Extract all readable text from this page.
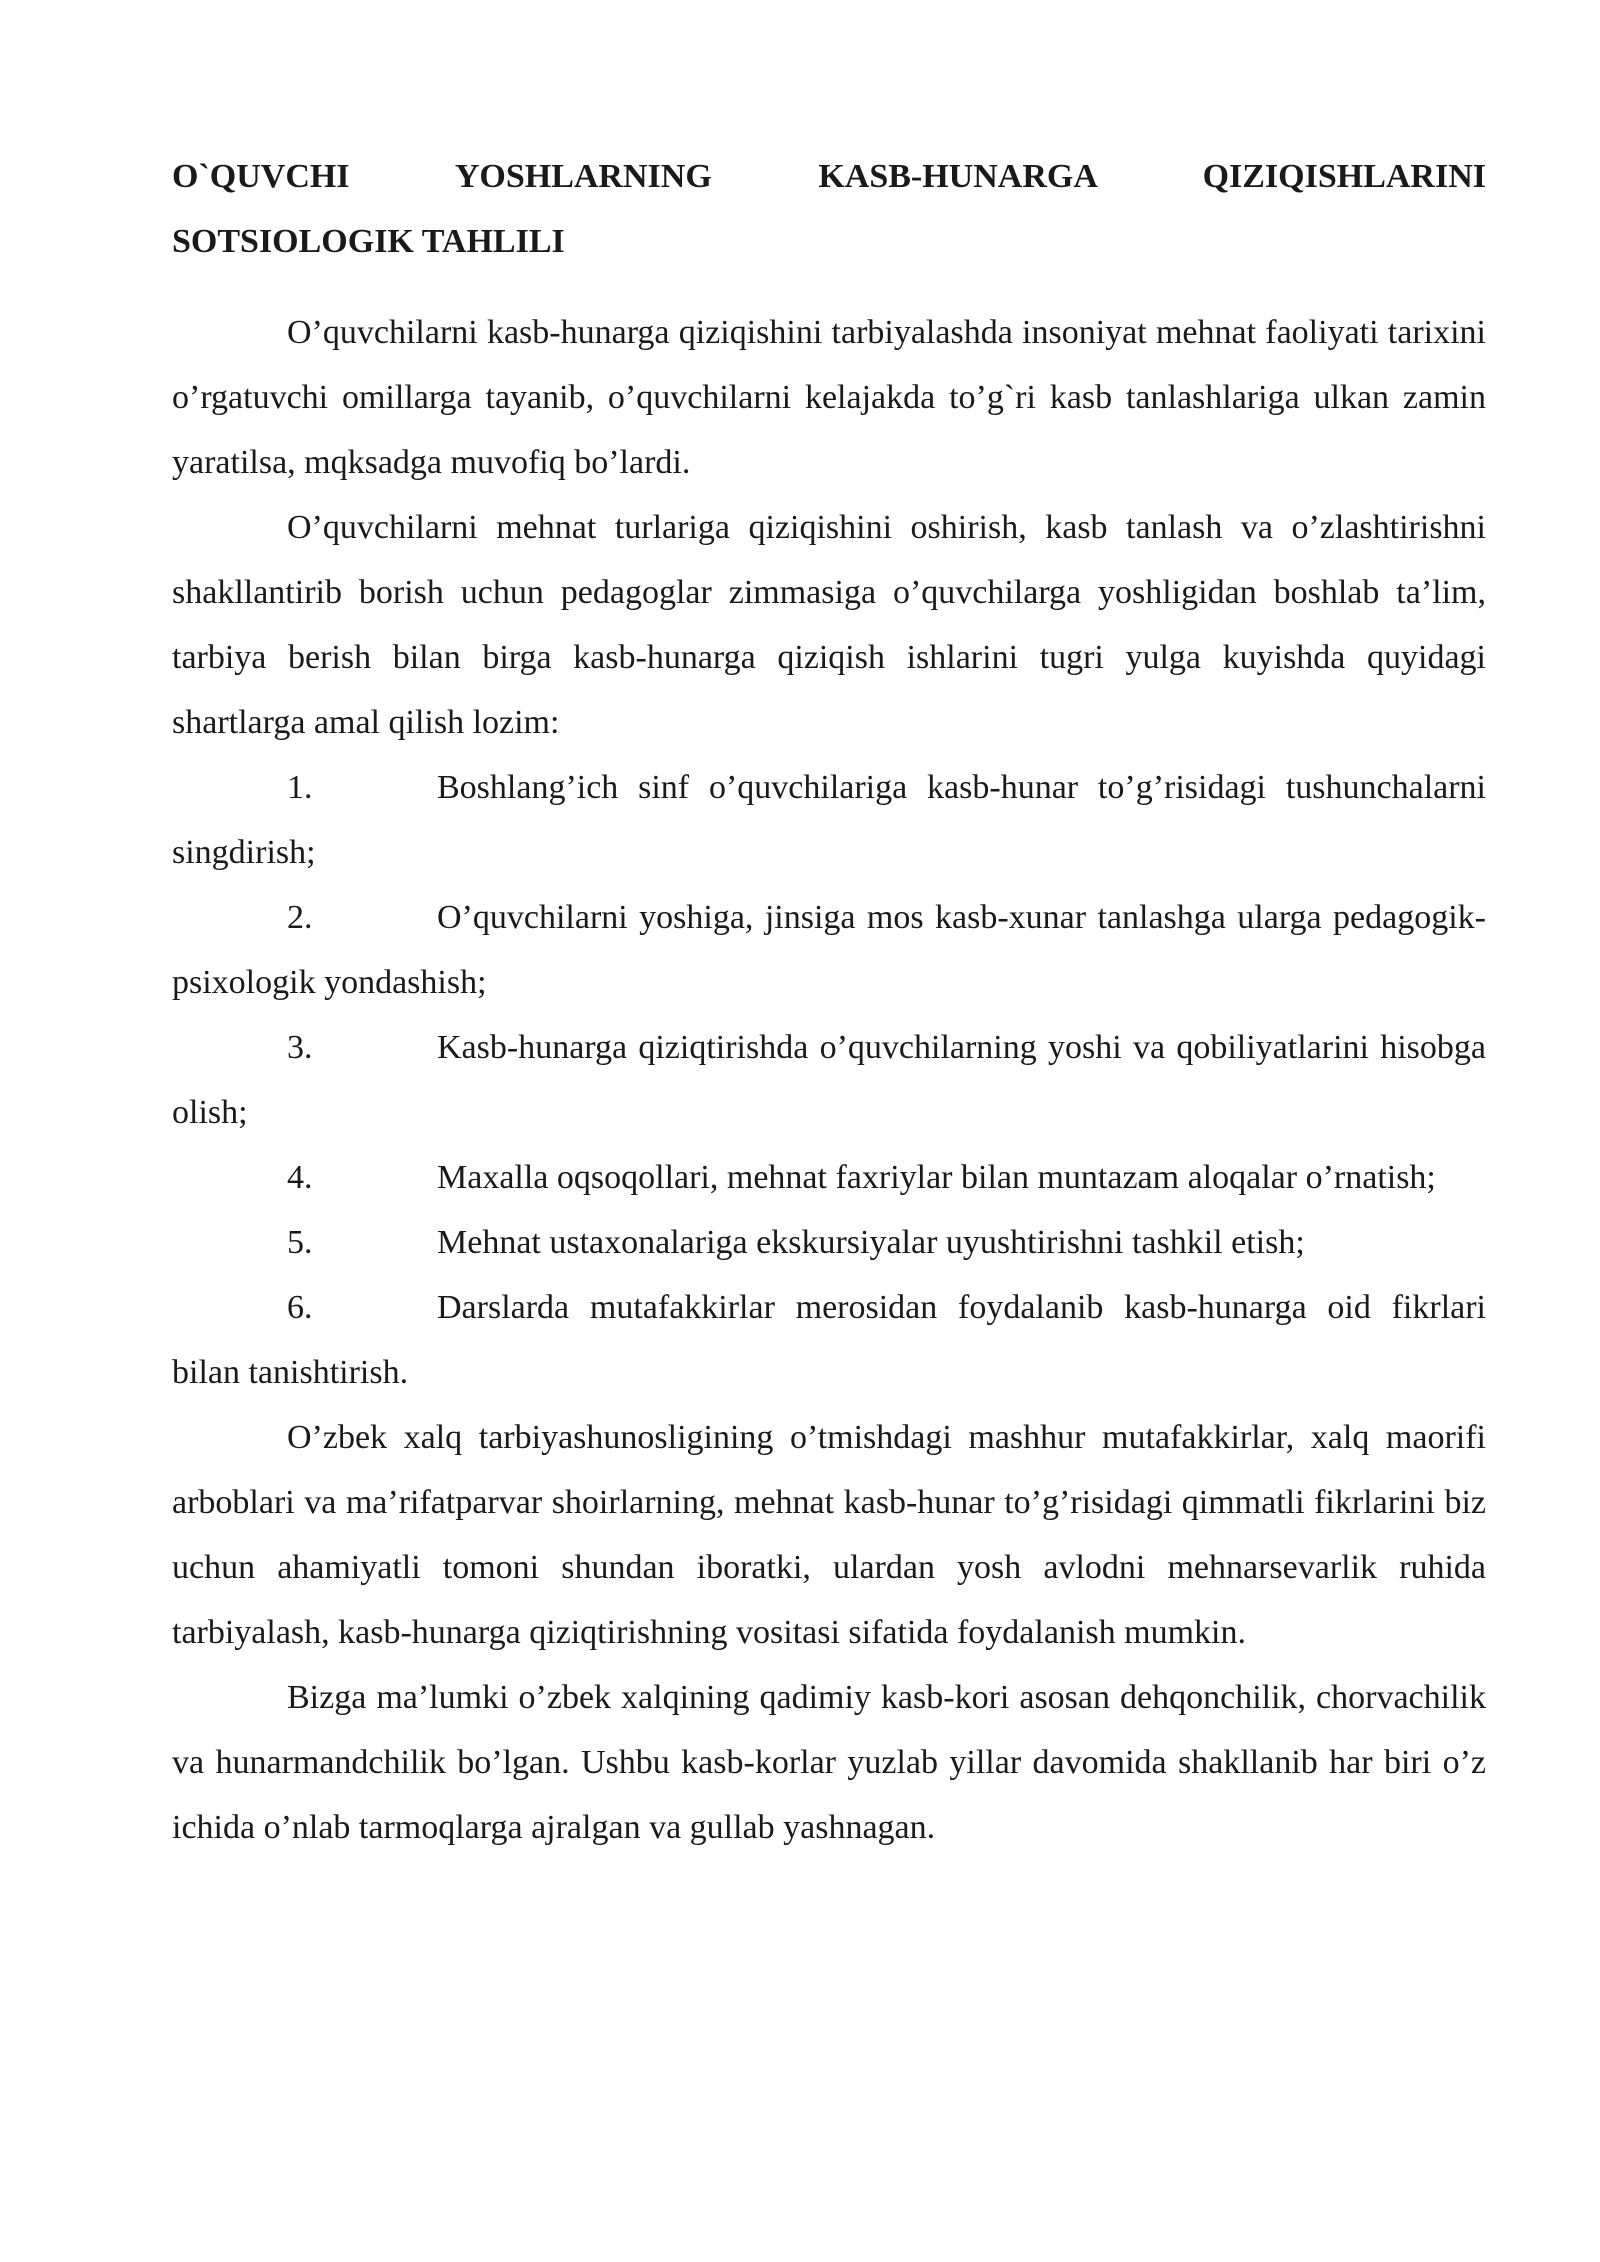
O`QUVCHI YOSHLARNING KASB-HUNARGA QIZIQISHLARINI
SOTSIOLOGIK TAHLILI

O’quvchilarni kasb-hunarga qiziqishini tarbiyalashda insoniyat mehnat faoliyati tarixini o’rgatuvchi omillarga tayanib, o’quvchilarni kelajakda to’g`ri kasb tanlashlariga ulkan zamin yaratilsa, mqksadga muvofiq bo’lardi.

O’quvchilarni mehnat turlariga qiziqishini oshirish, kasb tanlash va o’zlashtirishni shakllantirib borish uchun pedagoglar zimmasiga o’quvchilarga yoshligidan boshlab ta’lim, tarbiya berish bilan birga kasb-hunarga qiziqish ishlarini tugri yulga kuyishda quyidagi shartlarga amal qilish lozim:

1.	Boshlang’ich sinf o’quvchilariga kasb-hunar to’g’risidagi tushunchalarni singdirish;

2.	O’quvchilarni yoshiga, jinsiga mos kasb-xunar tanlashga ularga pedagogik-psixologik yondashish;

3.	Kasb-hunarga qiziqtirishda o’quvchilarning yoshi va qobiliyatlarini hisobga olish;

4.	Maxalla oqsoqollari, mehnat faxriylar bilan muntazam aloqalar o’rnatish;

5.	Mehnat ustaxonalariga ekskursiyalar uyushtirishni tashkil etish;

6.	Darslarda mutafakkirlar merosidan foydalanib kasb-hunarga oid fikrlari bilan tanishtirish.

O’zbek xalq tarbiyashunosligining o’tmishdagi mashhur mutafakkirlar, xalq maorifi arboblari va ma’rifatparvar shoirlarning, mehnat kasb-hunar to’g’risidagi qimmatli fikrlarini biz uchun ahamiyatli tomoni shundan iboratki, ulardan yosh avlodni mehnarsevarlik ruhida tarbiyalash, kasb-hunarga qiziqtirishning vositasi sifatida foydalanish mumkin.

Bizga ma’lumki o’zbek xalqining qadimiy kasb-kori asosan dehqonchilik, chorvachilik va hunarmandchilik bo’lgan. Ushbu kasb-korlar yuzlab yillar davomida shakllanib har biri o’z ichida o’nlab tarmoqlarga ajralgan va gullab yashnagan.
